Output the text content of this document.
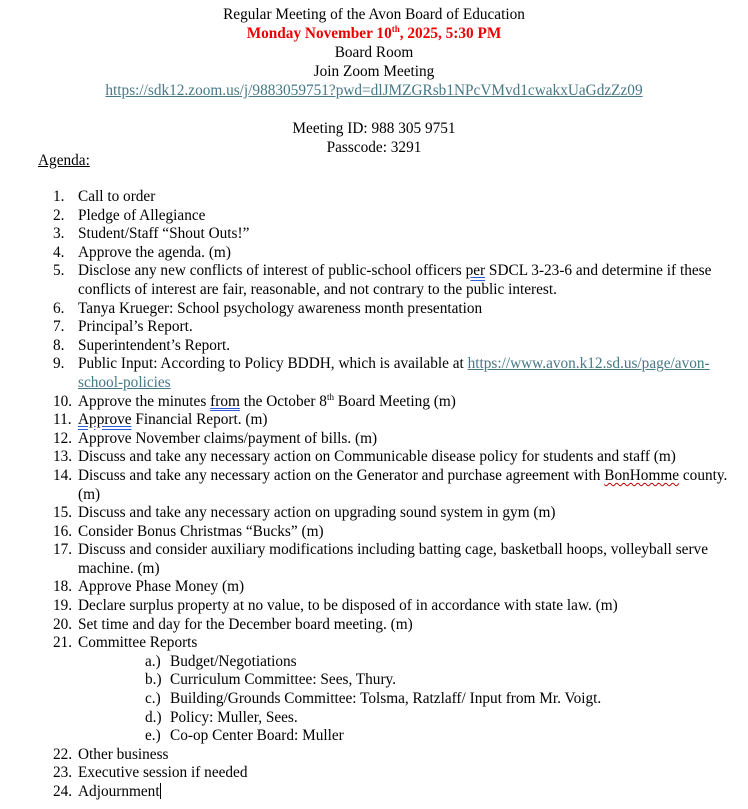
Regular Meeting of the Avon Board of Education
Monday November 10th, 2025, 5:30 PM
Board Room
Join Zoom Meeting
https://sdk12.zoom.us/j/9883059751?pwd=dlJMZGRsb1NPcVMvd1cwakxUaGdzZz09
Meeting ID: 988 305 9751
Passcode: 3291
Agenda:
1. Call to order
2. Pledge of Allegiance
3. Student/Staff “Shout Outs!”
4. Approve the agenda. (m)
5. Disclose any new conflicts of interest of public-school officers per SDCL 3-23-6 and determine if these conflicts of interest are fair, reasonable, and not contrary to the public interest.
6. Tanya Krueger: School psychology awareness month presentation
7. Principal’s Report.
8. Superintendent’s Report.
9. Public Input: According to Policy BDDH, which is available at https://www.avon.k12.sd.us/page/avon-school-policies
10. Approve the minutes from the October 8th Board Meeting (m)
11. Approve Financial Report. (m)
12. Approve November claims/payment of bills. (m)
13. Discuss and take any necessary action on Communicable disease policy for students and staff (m)
14. Discuss and take any necessary action on the Generator and purchase agreement with BonHomme county. (m)
15. Discuss and take any necessary action on upgrading sound system in gym (m)
16. Consider Bonus Christmas “Bucks” (m)
17. Discuss and consider auxiliary modifications including batting cage, basketball hoops, volleyball serve machine. (m)
18. Approve Phase Money (m)
19. Declare surplus property at no value, to be disposed of in accordance with state law. (m)
20. Set time and day for the December board meeting. (m)
21. Committee Reports
a.) Budget/Negotiations
b.) Curriculum Committee: Sees, Thury.
c.) Building/Grounds Committee: Tolsma, Ratzlaff/ Input from Mr. Voigt.
d.) Policy: Muller, Sees.
e.) Co-op Center Board: Muller
22. Other business
23. Executive session if needed
24. Adjournment
